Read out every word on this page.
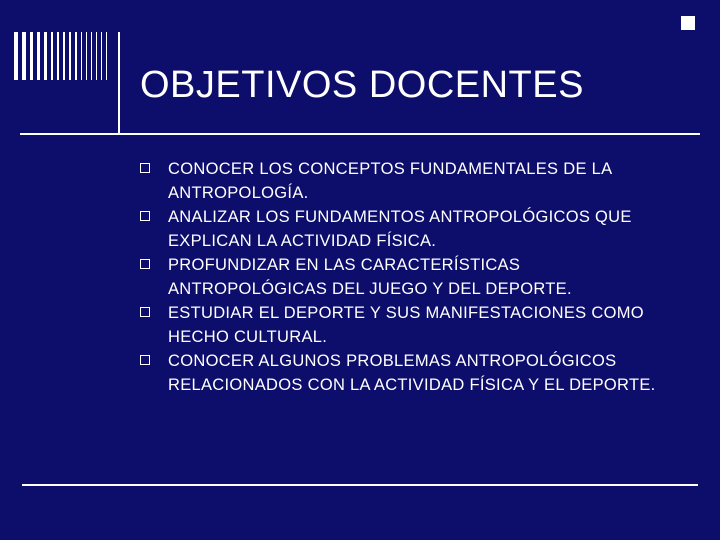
OBJETIVOS DOCENTES
CONOCER LOS CONCEPTOS FUNDAMENTALES DE LA ANTROPOLOGÍA.
ANALIZAR LOS FUNDAMENTOS ANTROPOLÓGICOS QUE EXPLICAN LA ACTIVIDAD FÍSICA.
PROFUNDIZAR EN LAS CARACTERÍSTICAS ANTROPOLÓGICAS DEL JUEGO Y DEL DEPORTE.
ESTUDIAR EL DEPORTE Y SUS MANIFESTACIONES COMO HECHO CULTURAL.
CONOCER ALGUNOS PROBLEMAS ANTROPOLÓGICOS RELACIONADOS CON LA ACTIVIDAD FÍSICA Y EL DEPORTE.
